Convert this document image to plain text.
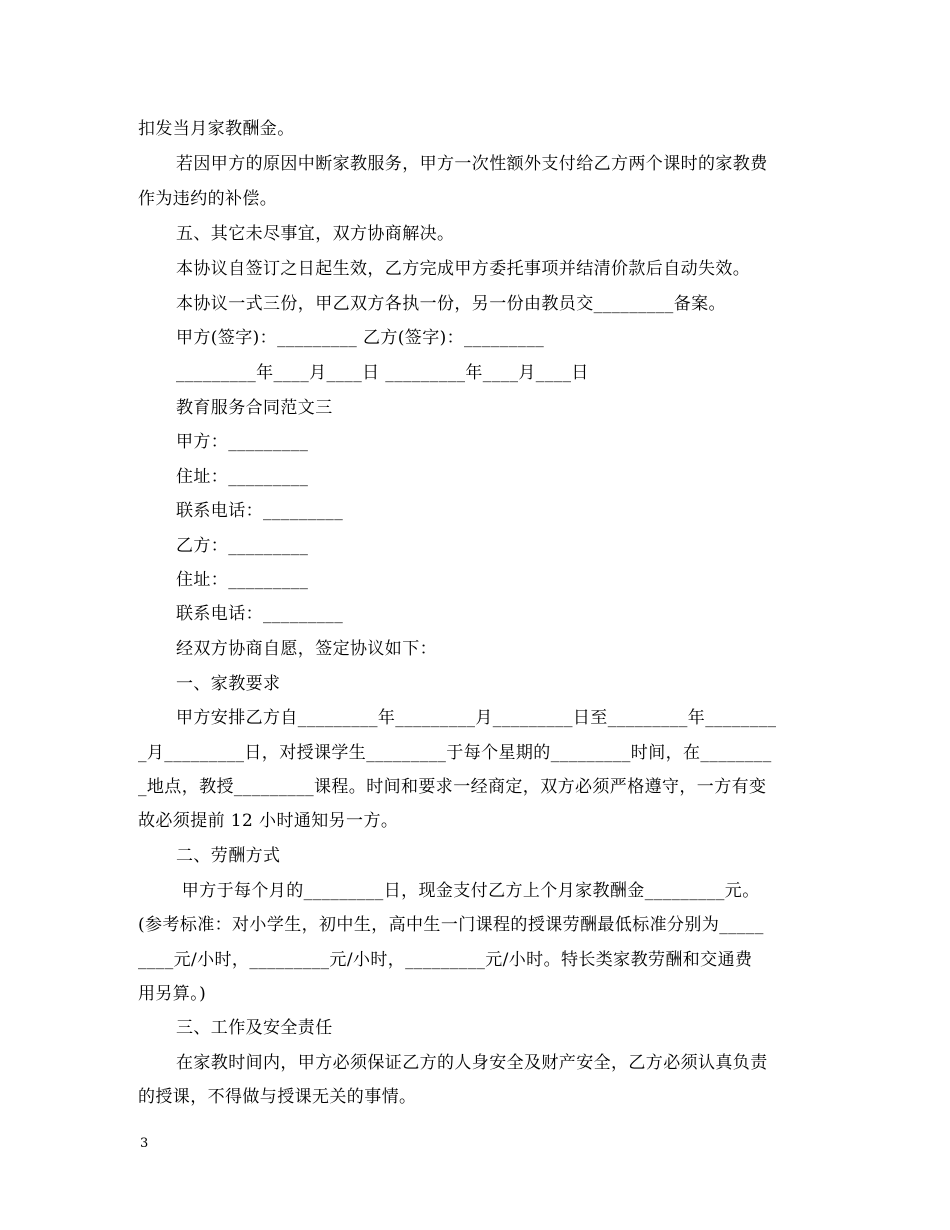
扣发当月家教酬金。
若因甲方的原因中断家教服务，甲方一次性额外支付给乙方两个课时的家教费
作为违约的补偿。
五、其它未尽事宜，双方协商解决。
本协议自签订之日起生效，乙方完成甲方委托事项并结清价款后自动失效。
本协议一式三份，甲乙双方各执一份，另一份由教员交_________备案。
甲方(签字)：_________ 乙方(签字)：_________
_________年____月____日 _________年____月____日
教育服务合同范文三
甲方：_________
住址：_________
联系电话：_________
乙方：_________
住址：_________
联系电话：_________
经双方协商自愿，签定协议如下：
一、家教要求
甲方安排乙方自_________年_________月_________日至_________年________
_月_________日，对授课学生_________于每个星期的_________时间，在________
_地点，教授_________课程。时间和要求一经商定，双方必须严格遵守，一方有变
故必须提前 12 小时通知另一方。
二、劳酬方式
甲方于每个月的_________日，现金支付乙方上个月家教酬金_________元。
(参考标准：对小学生，初中生，高中生一门课程的授课劳酬最低标准分别为_____
____元/小时，_________元/小时，_________元/小时。特长类家教劳酬和交通费
用另算。)
三、工作及安全责任
在家教时间内，甲方必须保证乙方的人身安全及财产安全，乙方必须认真负责
的授课，不得做与授课无关的事情。
3
